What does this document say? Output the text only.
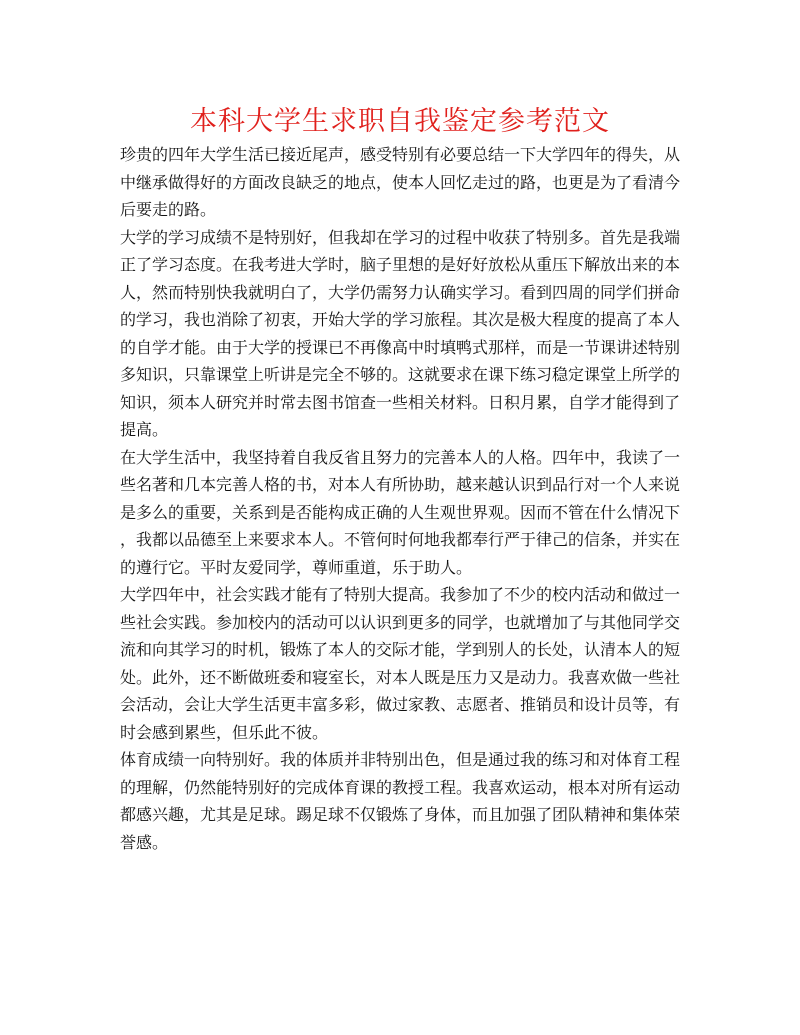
本科大学生求职自我鉴定参考范文
珍贵的四年大学生活已接近尾声，感受特别有必要总结一下大学四年的得失，从
中继承做得好的方面改良缺乏的地点，使本人回忆走过的路，也更是为了看清今
后要走的路。
大学的学习成绩不是特别好，但我却在学习的过程中收获了特别多。首先是我端
正了学习态度。在我考进大学时，脑子里想的是好好放松从重压下解放出来的本
人，然而特别快我就明白了，大学仍需努力认确实学习。看到四周的同学们拼命
的学习，我也消除了初衷，开始大学的学习旅程。其次是极大程度的提高了本人
的自学才能。由于大学的授课已不再像高中时填鸭式那样，而是一节课讲述特别
多知识，只靠课堂上听讲是完全不够的。这就要求在课下练习稳定课堂上所学的
知识，须本人研究并时常去图书馆查一些相关材料。日积月累，自学才能得到了
提高。
在大学生活中，我坚持着自我反省且努力的完善本人的人格。四年中，我读了一
些名著和几本完善人格的书，对本人有所协助，越来越认识到品行对一个人来说
是多么的重要，关系到是否能构成正确的人生观世界观。因而不管在什么情况下
，我都以品德至上来要求本人。不管何时何地我都奉行严于律己的信条，并实在
的遵行它。平时友爱同学，尊师重道，乐于助人。
大学四年中，社会实践才能有了特别大提高。我参加了不少的校内活动和做过一
些社会实践。参加校内的活动可以认识到更多的同学，也就增加了与其他同学交
流和向其学习的时机，锻炼了本人的交际才能，学到别人的长处，认清本人的短
处。此外，还不断做班委和寝室长，对本人既是压力又是动力。我喜欢做一些社
会活动，会让大学生活更丰富多彩，做过家教、志愿者、推销员和设计员等，有
时会感到累些，但乐此不彼。
体育成绩一向特别好。我的体质并非特别出色，但是通过我的练习和对体育工程
的理解，仍然能特别好的完成体育课的教授工程。我喜欢运动，根本对所有运动
都感兴趣，尤其是足球。踢足球不仅锻炼了身体，而且加强了团队精神和集体荣
誉感。
